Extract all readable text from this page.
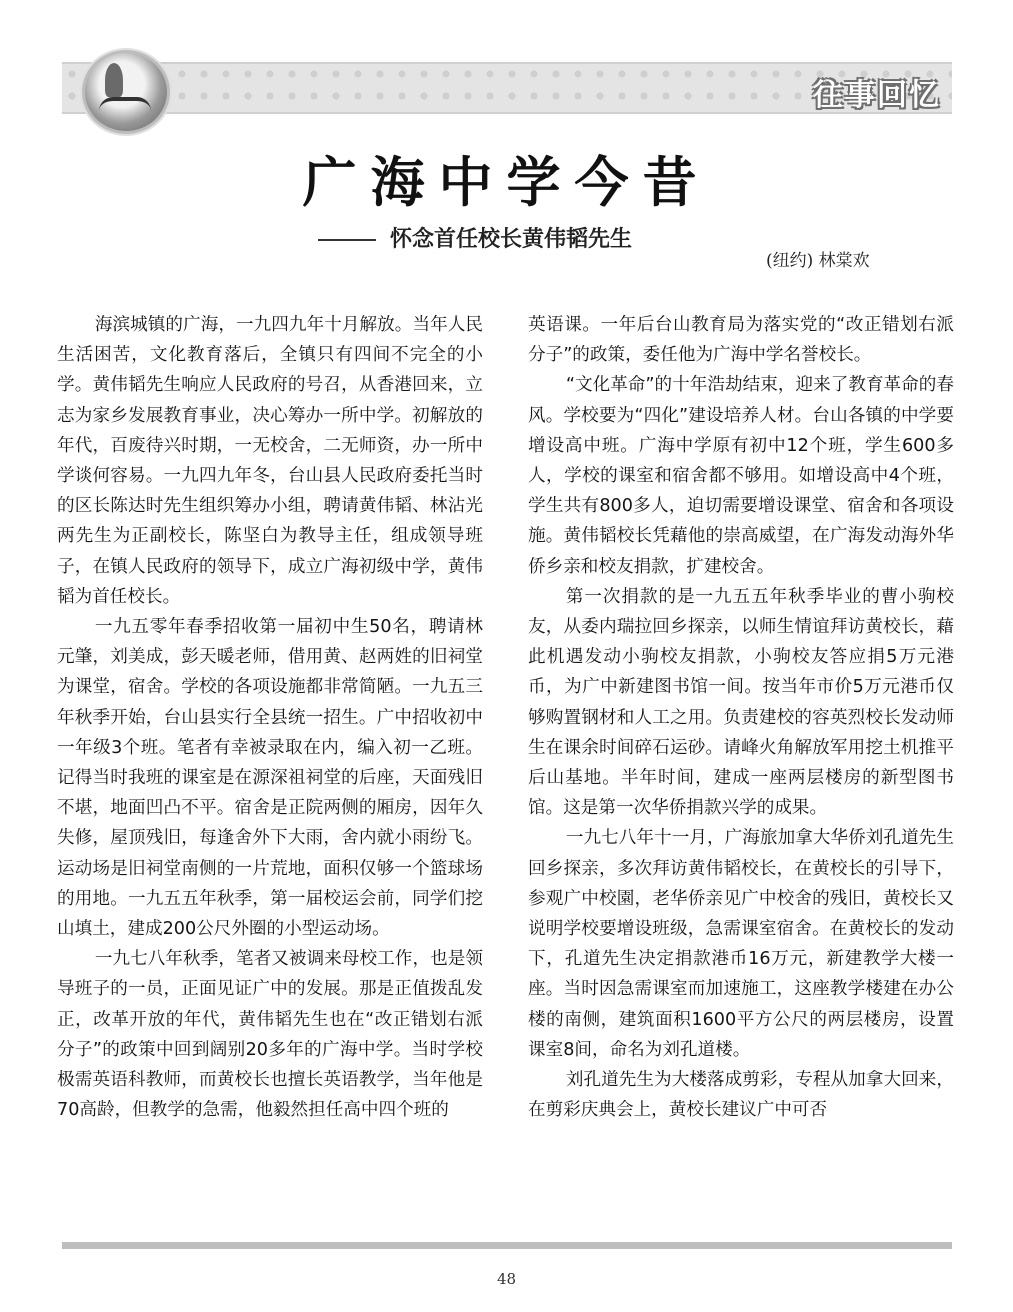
往事回忆
广海中学今昔
怀念首任校长黄伟韬先生
(纽约) 林棠欢

海滨城镇的广海，一九四九年十月解放。当年人民生活困苦，文化教育落后，全镇只有四间不完全的小学。黄伟韬先生响应人民政府的号召，从香港回来，立志为家乡发展教育事业，决心筹办一所中学。初解放的年代，百废待兴时期，一无校舍，二无师资，办一所中学谈何容易。一九四九年冬，台山县人民政府委托当时的区长陈达时先生组织筹办小组，聘请黄伟韬、林沾光两先生为正副校长，陈坚白为教导主任，组成领导班子，在镇人民政府的领导下，成立广海初级中学，黄伟韬为首任校长。

一九五零年春季招收第一届初中生50名，聘请林元肇，刘美成，彭天暖老师，借用黄、赵两姓的旧祠堂为课堂，宿舍。学校的各项设施都非常简陋。一九五三年秋季开始，台山县实行全县统一招生。广中招收初中一年级3个班。笔者有幸被录取在内，编入初一乙班。记得当时我班的课室是在源深祖祠堂的后座，天面残旧不堪，地面凹凸不平。宿舍是正院两侧的厢房，因年久失修，屋顶残旧，每逢舍外下大雨，舍内就小雨纷飞。运动场是旧祠堂南侧的一片荒地，面积仅够一个篮球场的用地。一九五五年秋季，第一届校运会前，同学们挖山填土，建成200公尺外圈的小型运动场。

一九七八年秋季，笔者又被调来母校工作，也是领导班子的一员，正面见证广中的发展。那是正值拨乱发正，改革开放的年代，黄伟韬先生也在“改正错划右派分子”的政策中回到阔别20多年的广海中学。当时学校极需英语科教师，而黄校长也擅长英语教学，当年他是70高龄，但教学的急需，他毅然担任高中四个班的

英语课。一年后台山教育局为落实党的“改正错划右派分子”的政策，委任他为广海中学名誉校长。

“文化革命”的十年浩劫结束，迎来了教育革命的春风。学校要为“四化”建设培养人材。台山各镇的中学要增设高中班。广海中学原有初中12个班，学生600多人，学校的课室和宿舍都不够用。如增设高中4个班，学生共有800多人，迫切需要增设课堂、宿舍和各项设施。黄伟韬校长凭藉他的崇高威望，在广海发动海外华侨乡亲和校友捐款，扩建校舍。

第一次捐款的是一九五五年秋季毕业的曹小驹校友，从委内瑞拉回乡探亲，以师生情谊拜访黄校长，藉此机遇发动小驹校友捐款，小驹校友答应捐5万元港币，为广中新建图书馆一间。按当年市价5万元港币仅够购置钢材和人工之用。负责建校的容英烈校长发动师生在课余时间碎石运砂。请峰火角解放军用挖土机推平后山基地。半年时间，建成一座两层楼房的新型图书馆。这是第一次华侨捐款兴学的成果。

一九七八年十一月，广海旅加拿大华侨刘孔道先生回乡探亲，多次拜访黄伟韬校长，在黄校长的引导下，参观广中校園，老华侨亲见广中校舍的残旧，黄校长又说明学校要增设班级，急需课室宿舍。在黄校长的发动下，孔道先生决定捐款港币16万元，新建教学大楼一座。当时因急需课室而加速施工，这座教学楼建在办公楼的南侧，建筑面积1600平方公尺的两层楼房，设置课室8间，命名为刘孔道楼。

刘孔道先生为大楼落成剪彩，专程从加拿大回来，在剪彩庆典会上，黄校长建议广中可否

48
